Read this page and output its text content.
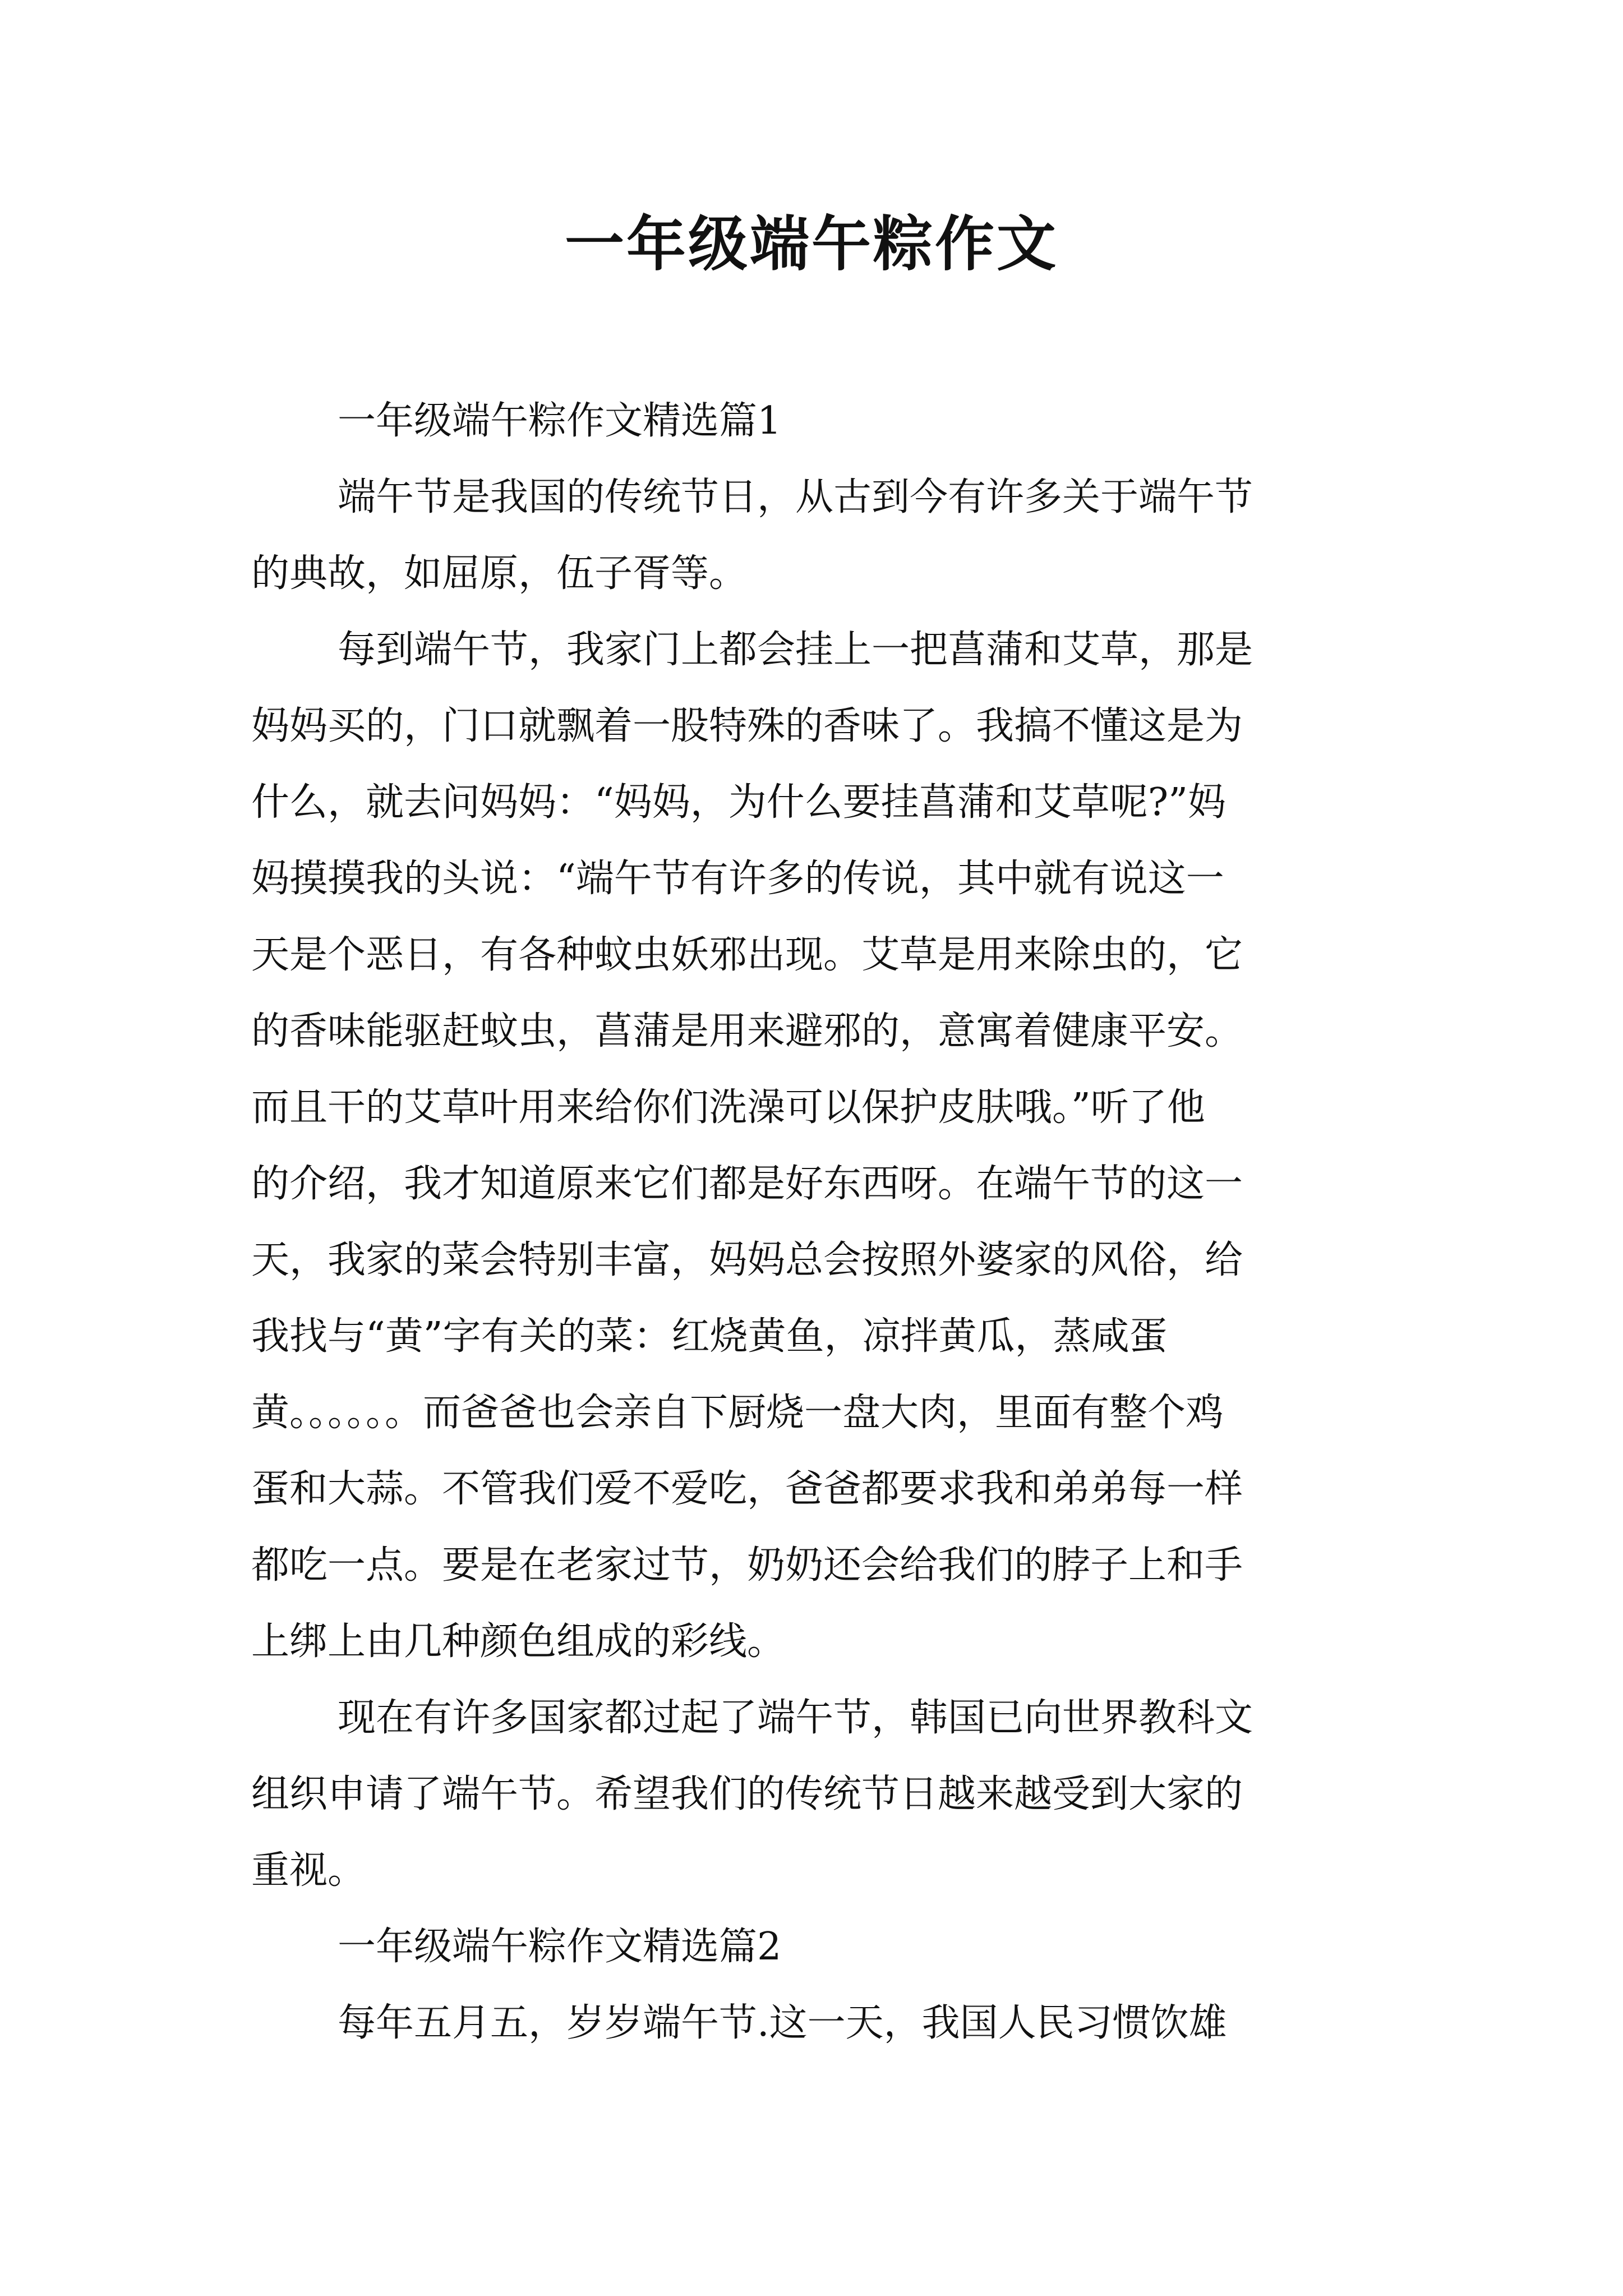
一年级端午粽作文
一年级端午粽作文精选篇1
端午节是我国的传统节日，从古到今有许多关于端午节
的典故，如屈原，伍子胥等。
每到端午节，我家门上都会挂上一把菖蒲和艾草，那是
妈妈买的，门口就飘着一股特殊的香味了。我搞不懂这是为
什么，就去问妈妈：“妈妈，为什么要挂菖蒲和艾草呢?”妈
妈摸摸我的头说：“端午节有许多的传说，其中就有说这一
天是个恶日，有各种蚊虫妖邪出现。艾草是用来除虫的，它
的香味能驱赶蚊虫，菖蒲是用来避邪的，意寓着健康平安。
而且干的艾草叶用来给你们洗澡可以保护皮肤哦。”听了他
的介绍，我才知道原来它们都是好东西呀。在端午节的这一
天，我家的菜会特别丰富，妈妈总会按照外婆家的风俗，给
我找与“黄”字有关的菜：红烧黄鱼，凉拌黄瓜，蒸咸蛋
黄。。。。。。而爸爸也会亲自下厨烧一盘大肉，里面有整个鸡
蛋和大蒜。不管我们爱不爱吃，爸爸都要求我和弟弟每一样
都吃一点。要是在老家过节，奶奶还会给我们的脖子上和手
上绑上由几种颜色组成的彩线。
现在有许多国家都过起了端午节，韩国已向世界教科文
组织申请了端午节。希望我们的传统节日越来越受到大家的
重视。
一年级端午粽作文精选篇2
每年五月五，岁岁端午节.这一天，我国人民习惯饮雄
